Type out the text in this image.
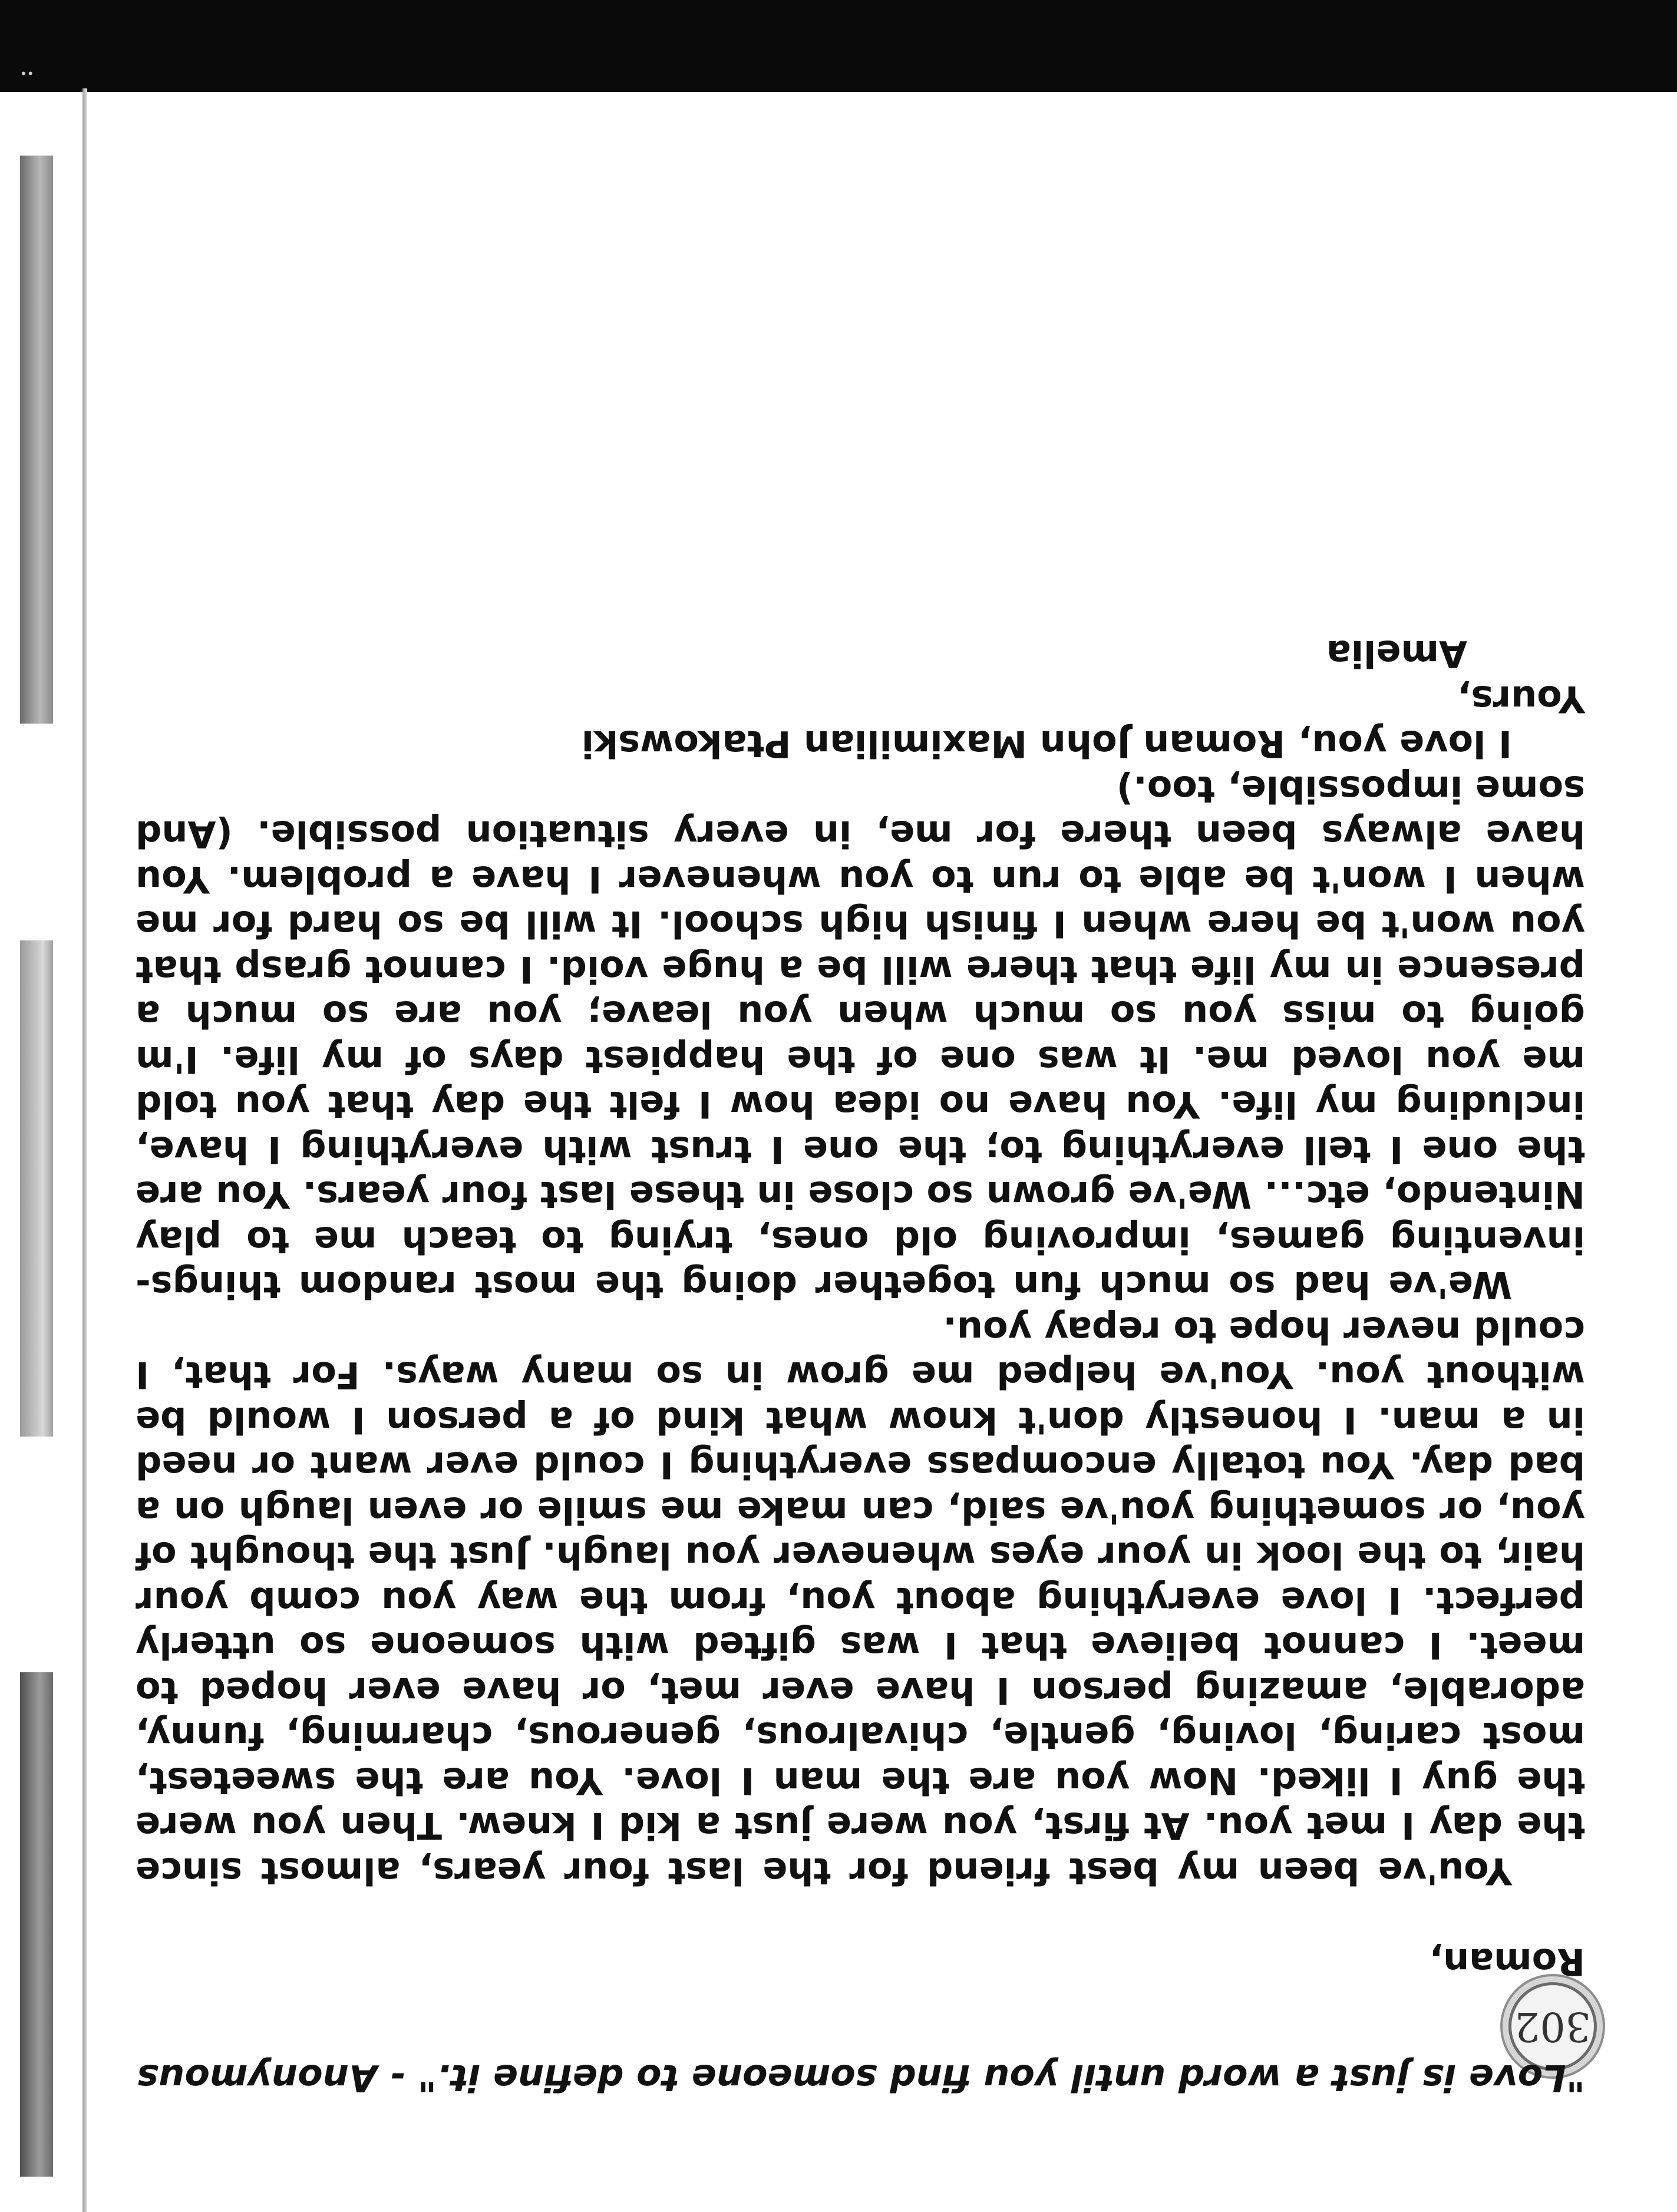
••
302

"Love is just a word until you find someone to define it." - Anonymous

Roman,

You've been my best friend for the last four years, almost since the day I met you. At first, you were just a kid I knew. Then you were the guy I liked. Now you are the man I love. You are the sweetest, most caring, loving, gentle, chivalrous, generous, charming, funny, adorable, amazing person I have ever met, or have ever hoped to meet. I cannot believe that I was gifted with someone so utterly perfect. I love everything about you, from the way you comb your hair, to the look in your eyes whenever you laugh. Just the thought of you, or something you've said, can make me smile or even laugh on a bad day. You totally encompass everything I could ever want or need in a man. I honestly don't know what kind of a person I would be without you. You've helped me grow in so many ways. For that, I could never hope to repay you.

We've had so much fun together doing the most random things- inventing games, improving old ones, trying to teach me to play Nintendo, etc... We've grown so close in these last four years. You are the one I tell everything to; the one I trust with everything I have, including my life. You have no idea how I felt the day that you told me you loved me. It was one of the happiest days of my life. I'm going to miss you so much when you leave; you are so much a presence in my life that there will be a huge void. I cannot grasp that you won't be here when I finish high school. It will be so hard for me when I won't be able to run to you whenever I have a problem. You have always been there for me, in every situation possible. (And some impossible, too.)

I love you, Roman John Maximilian Ptakowski

Yours,

Amelia
